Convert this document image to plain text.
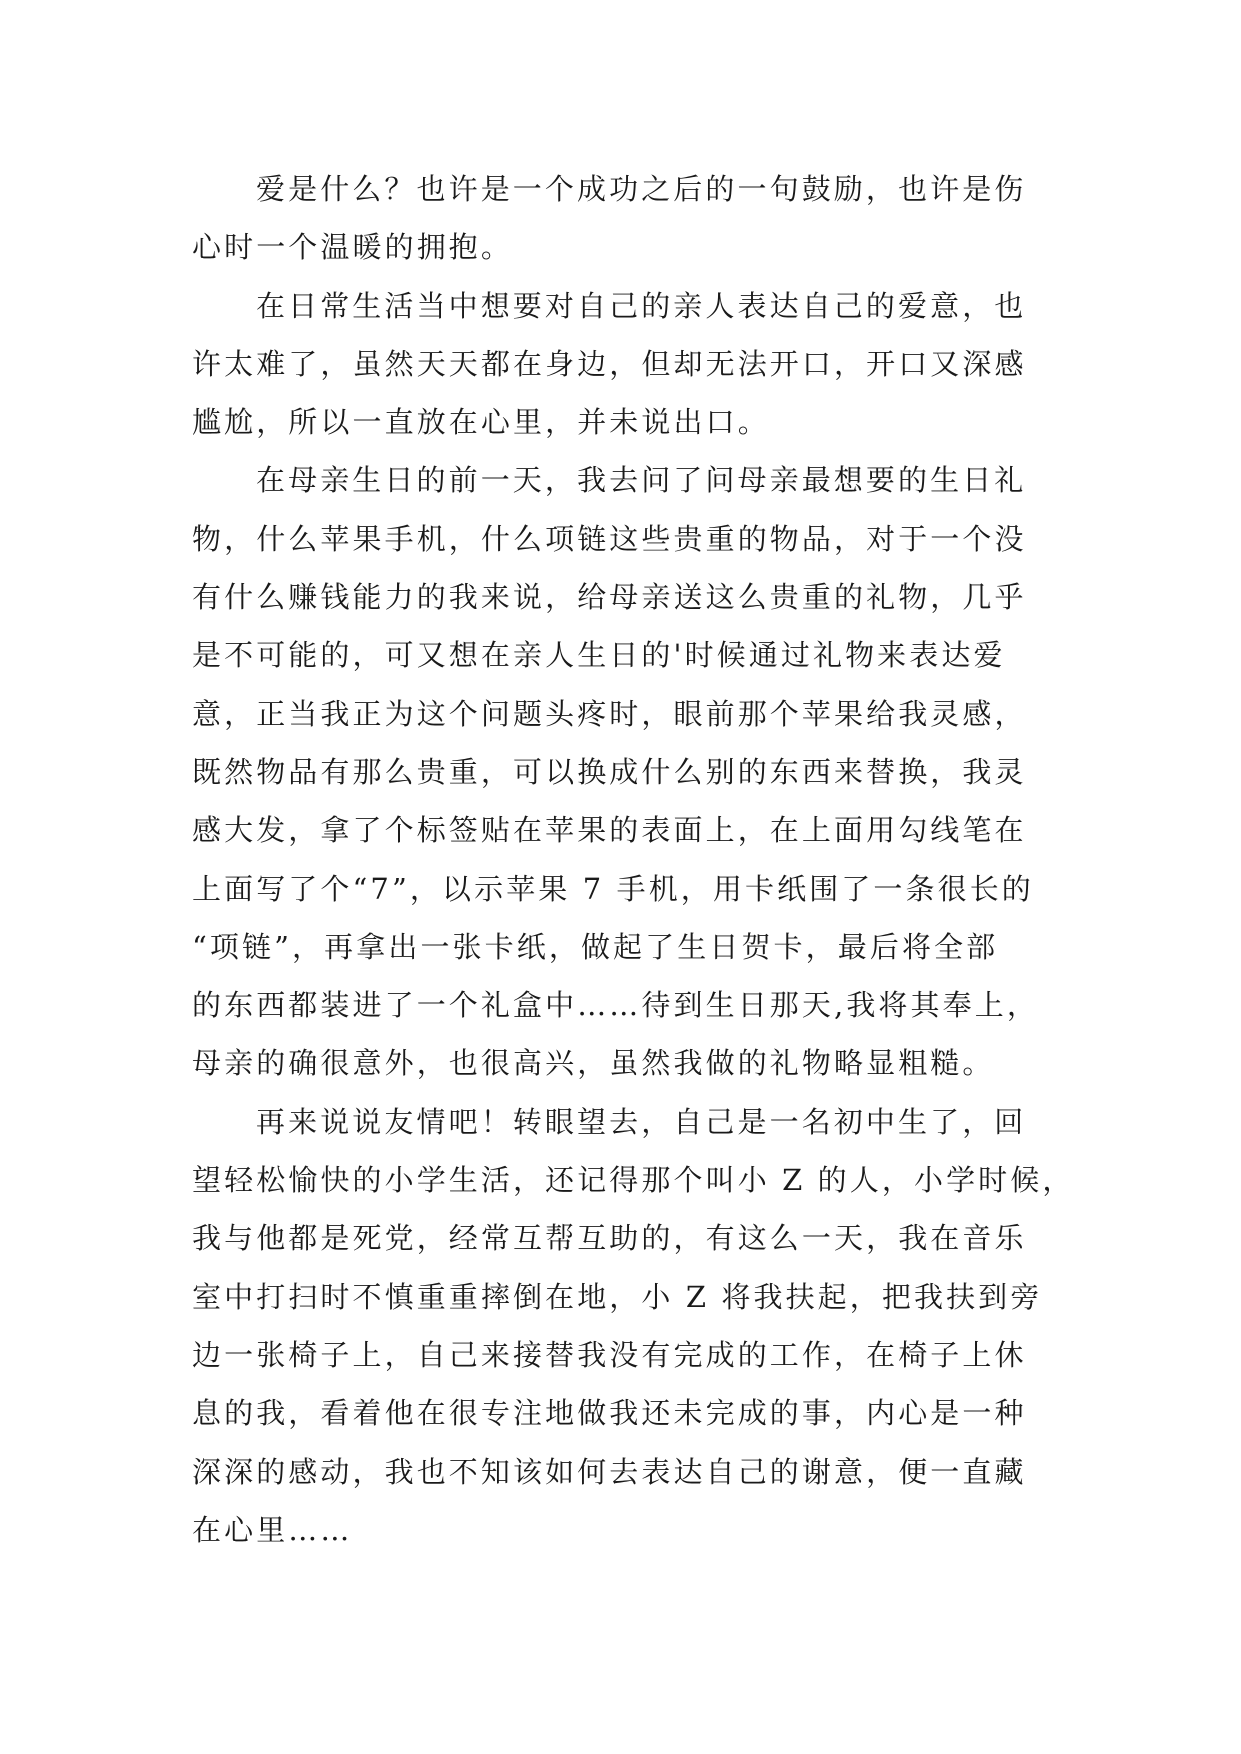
爱是什么？也许是一个成功之后的一句鼓励，也许是伤
心时一个温暖的拥抱。
在日常生活当中想要对自己的亲人表达自己的爱意，也
许太难了，虽然天天都在身边，但却无法开口，开口又深感
尴尬，所以一直放在心里，并未说出口。
在母亲生日的前一天，我去问了问母亲最想要的生日礼
物，什么苹果手机，什么项链这些贵重的物品，对于一个没
有什么赚钱能力的我来说，给母亲送这么贵重的礼物，几乎
是不可能的，可又想在亲人生日的'时候通过礼物来表达爱
意，正当我正为这个问题头疼时，眼前那个苹果给我灵感，
既然物品有那么贵重，可以换成什么别的东西来替换，我灵
感大发，拿了个标签贴在苹果的表面上，在上面用勾线笔在
上面写了个“7”，以示苹果 7 手机，用卡纸围了一条很长的
“项链”，再拿出一张卡纸，做起了生日贺卡，最后将全部
的东西都装进了一个礼盒中……待到生日那天,我将其奉上，
母亲的确很意外，也很高兴，虽然我做的礼物略显粗糙。
再来说说友情吧！转眼望去，自己是一名初中生了，回
望轻松愉快的小学生活，还记得那个叫小 Z 的人，小学时候，
我与他都是死党，经常互帮互助的，有这么一天，我在音乐
室中打扫时不慎重重摔倒在地，小 Z 将我扶起，把我扶到旁
边一张椅子上，自己来接替我没有完成的工作，在椅子上休
息的我，看着他在很专注地做我还未完成的事，内心是一种
深深的感动，我也不知该如何去表达自己的谢意，便一直藏
在心里……
